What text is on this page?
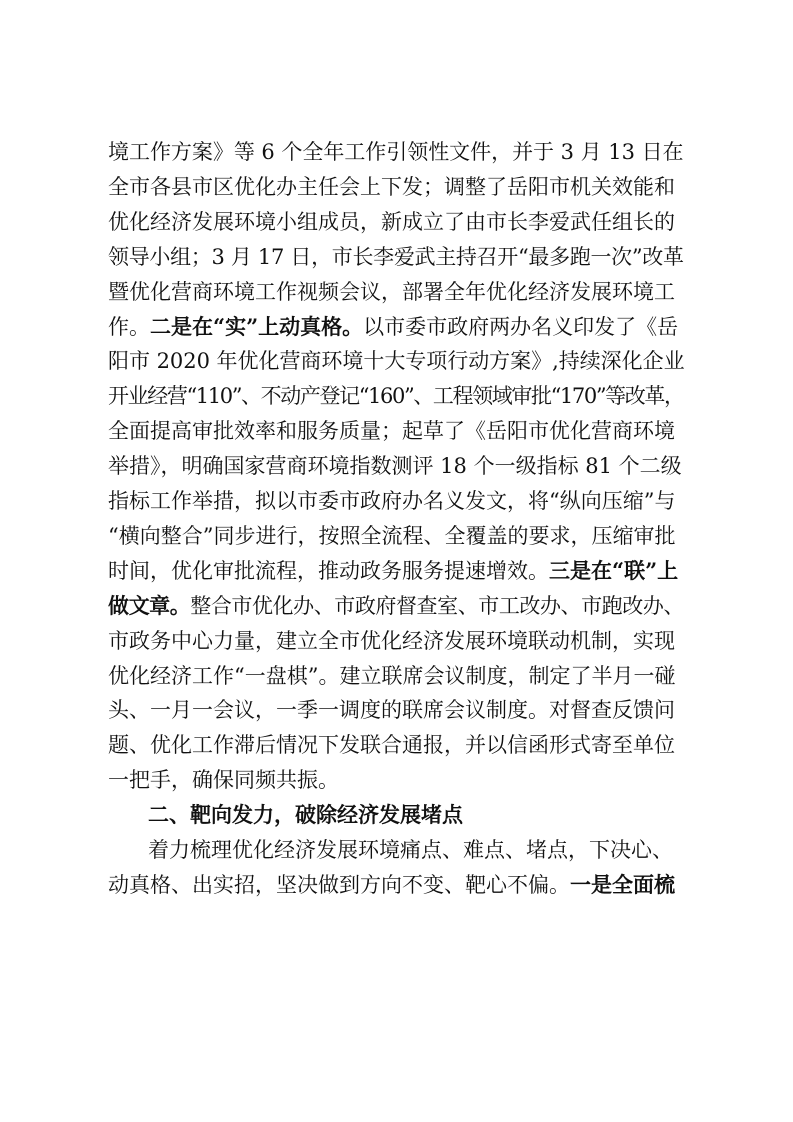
境工作方案》等 6 个全年工作引领性文件，并于 3 月 13 日在
全市各县市区优化办主任会上下发；调整了岳阳市机关效能和
优化经济发展环境小组成员，新成立了由市长李爱武任组长的
领导小组；3 月 17 日，市长李爱武主持召开“最多跑一次”改革
暨优化营商环境工作视频会议，部署全年优化经济发展环境工
作。二是在“实”上动真格。以市委市政府两办名义印发了《岳
阳市 2020 年优化营商环境十大专项行动方案》,持续深化企业
开业经营“110”、不动产登记“160”、工程领域审批“170”等改革，
全面提高审批效率和服务质量；起草了《岳阳市优化营商环境
举措》，明确国家营商环境指数测评 18 个一级指标 81 个二级
指标工作举措，拟以市委市政府办名义发文，将“纵向压缩”与
“横向整合”同步进行，按照全流程、全覆盖的要求，压缩审批
时间，优化审批流程，推动政务服务提速增效。三是在“联”上
做文章。整合市优化办、市政府督查室、市工改办、市跑改办、
市政务中心力量，建立全市优化经济发展环境联动机制，实现
优化经济工作“一盘棋”。建立联席会议制度，制定了半月一碰
头、一月一会议，一季一调度的联席会议制度。对督查反馈问
题、优化工作滞后情况下发联合通报，并以信函形式寄至单位
一把手，确保同频共振。
二、靶向发力，破除经济发展堵点
着力梳理优化经济发展环境痛点、难点、堵点，下决心、
动真格、出实招，坚决做到方向不变、靶心不偏。一是全面梳
